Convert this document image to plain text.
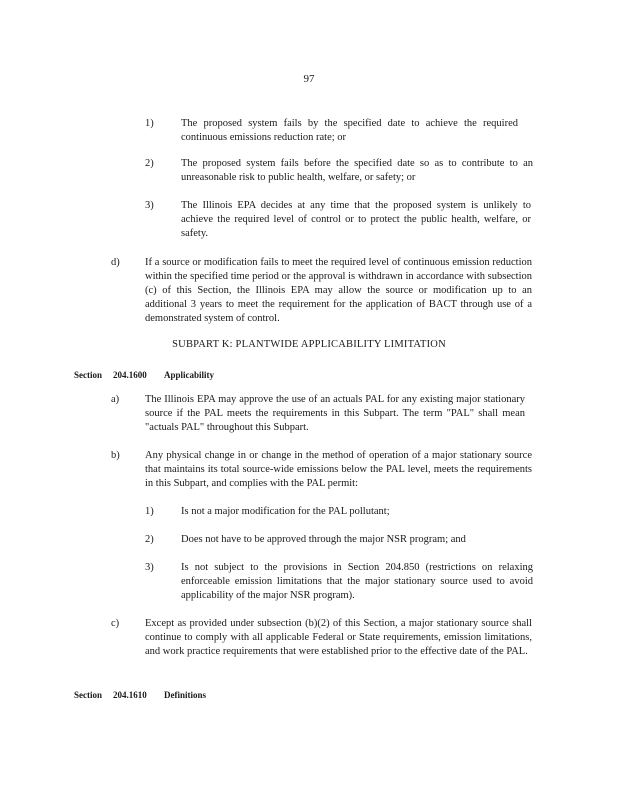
97
1)	The proposed system fails by the specified date to achieve the required continuous emissions reduction rate; or
2)	The proposed system fails before the specified date so as to contribute to an unreasonable risk to public health, welfare, or safety; or
3)	The Illinois EPA decides at any time that the proposed system is unlikely to achieve the required level of control or to protect the public health, welfare, or safety.
d)	If a source or modification fails to meet the required level of continuous emission reduction within the specified time period or the approval is withdrawn in accordance with subsection (c) of this Section, the Illinois EPA may allow the source or modification up to an additional 3 years to meet the requirement for the application of BACT through use of a demonstrated system of control.
SUBPART K: PLANTWIDE APPLICABILITY LIMITATION
Section 204.1600 Applicability
a)	The Illinois EPA may approve the use of an actuals PAL for any existing major stationary source if the PAL meets the requirements in this Subpart. The term "PAL" shall mean "actuals PAL" throughout this Subpart.
b)	Any physical change in or change in the method of operation of a major stationary source that maintains its total source-wide emissions below the PAL level, meets the requirements in this Subpart, and complies with the PAL permit:
1)	Is not a major modification for the PAL pollutant;
2)	Does not have to be approved through the major NSR program; and
3)	Is not subject to the provisions in Section 204.850 (restrictions on relaxing enforceable emission limitations that the major stationary source used to avoid applicability of the major NSR program).
c)	Except as provided under subsection (b)(2) of this Section, a major stationary source shall continue to comply with all applicable Federal or State requirements, emission limitations, and work practice requirements that were established prior to the effective date of the PAL.
Section 204.1610 Definitions
